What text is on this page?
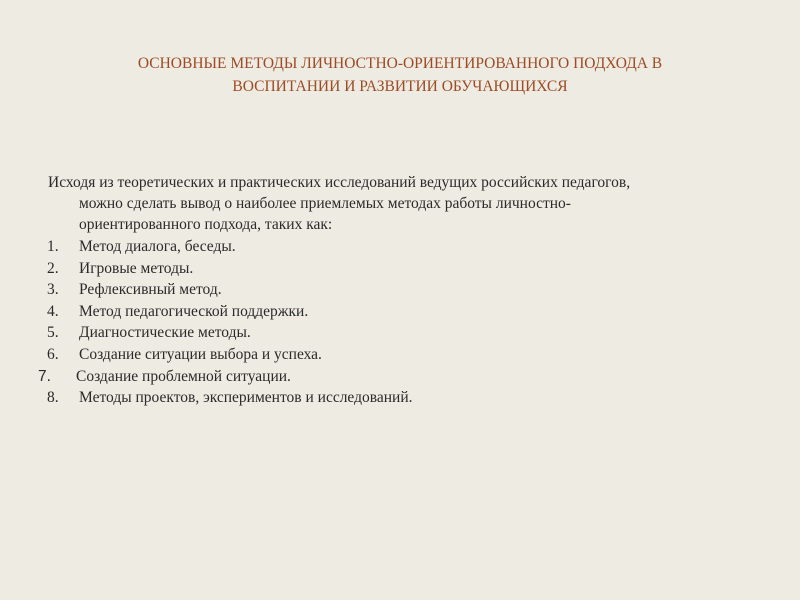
ОСНОВНЫЕ МЕТОДЫ ЛИЧНОСТНО-ОРИЕНТИРОВАННОГО ПОДХОДА В
ВОСПИТАНИИ И РАЗВИТИИ ОБУЧАЮЩИХСЯ
Исходя из теоретических и практических исследований ведущих российских педагогов,
можно сделать вывод о наиболее приемлемых методах работы личностно-
ориентированного подхода, таких как:
1. Метод диалога, беседы.
2. Игровые методы.
3. Рефлексивный метод.
4. Метод педагогической поддержки.
5. Диагностические методы.
6. Создание ситуации выбора и успеха.
7. Создание проблемной ситуации.
8. Методы проектов, экспериментов и исследований.
